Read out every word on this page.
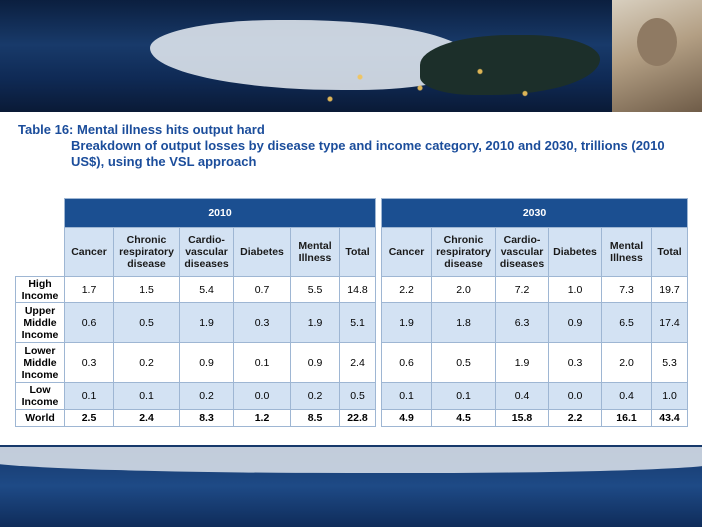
Table 16: Mental illness hits output hard
Breakdown of output losses by disease type and income category, 2010 and 2030, trillions (2010 US$), using the VSL approach
	2010							2030					
	Cancer	Chronic respiratory disease	Cardio-vascular diseases	Diabetes	Mental Illness	Total		Cancer	Chronic respiratory disease	Cardio-vascular diseases	Diabetes	Mental Illness	Total
High Income	1.7	1.5	5.4	0.7	5.5	14.8		2.2	2.0	7.2	1.0	7.3	19.7
Upper Middle Income	0.6	0.5	1.9	0.3	1.9	5.1		1.9	1.8	6.3	0.9	6.5	17.4
Lower Middle Income	0.3	0.2	0.9	0.1	0.9	2.4		0.6	0.5	1.9	0.3	2.0	5.3
Low Income	0.1	0.1	0.2	0.0	0.2	0.5		0.1	0.1	0.4	0.0	0.4	1.0
World	2.5	2.4	8.3	1.2	8.5	22.8		4.9	4.5	15.8	2.2	16.1	43.4
